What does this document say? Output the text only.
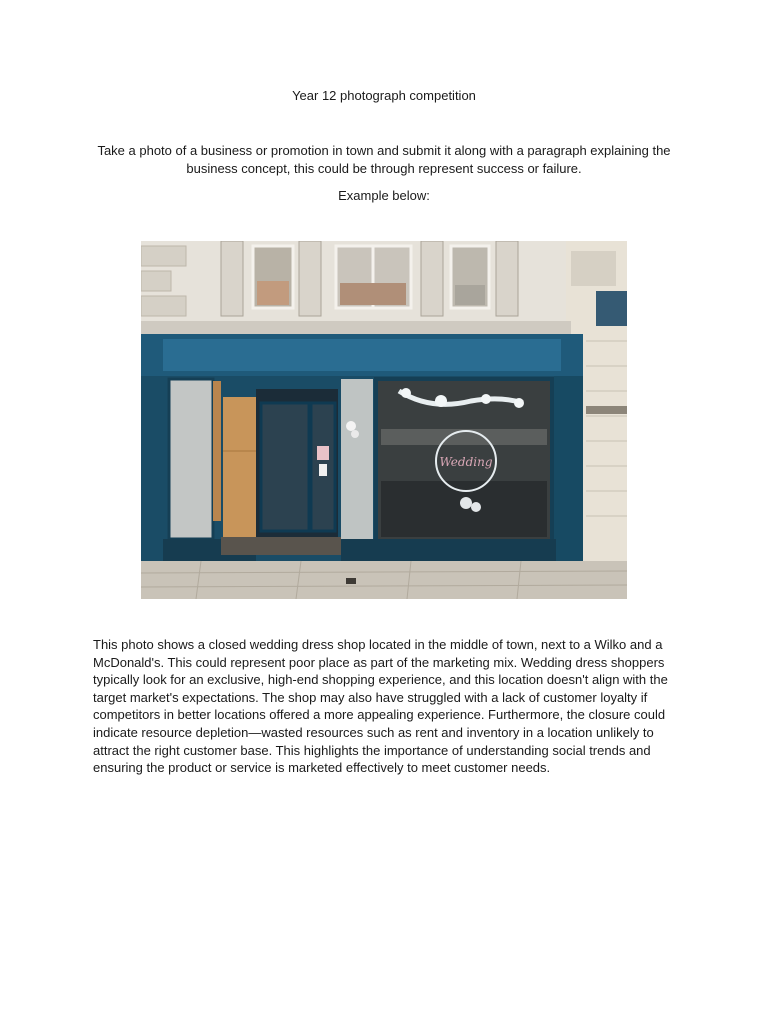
Year 12 photograph competition
Take a photo of a business or promotion in town and submit it along with a paragraph explaining the business concept, this could be through represent success or failure.
Example below:
Wedding
This photo shows a closed wedding dress shop located in the middle of town, next to a Wilko and a McDonald's. This could represent poor place as part of the marketing mix. Wedding dress shoppers typically look for an exclusive, high-end shopping experience, and this location doesn't align with the target market's expectations. The shop may also have struggled with a lack of customer loyalty if competitors in better locations offered a more appealing experience. Furthermore, the closure could indicate resource depletion—wasted resources such as rent and inventory in a location unlikely to attract the right customer base. This highlights the importance of understanding social trends and ensuring the product or service is marketed effectively to meet customer needs.
